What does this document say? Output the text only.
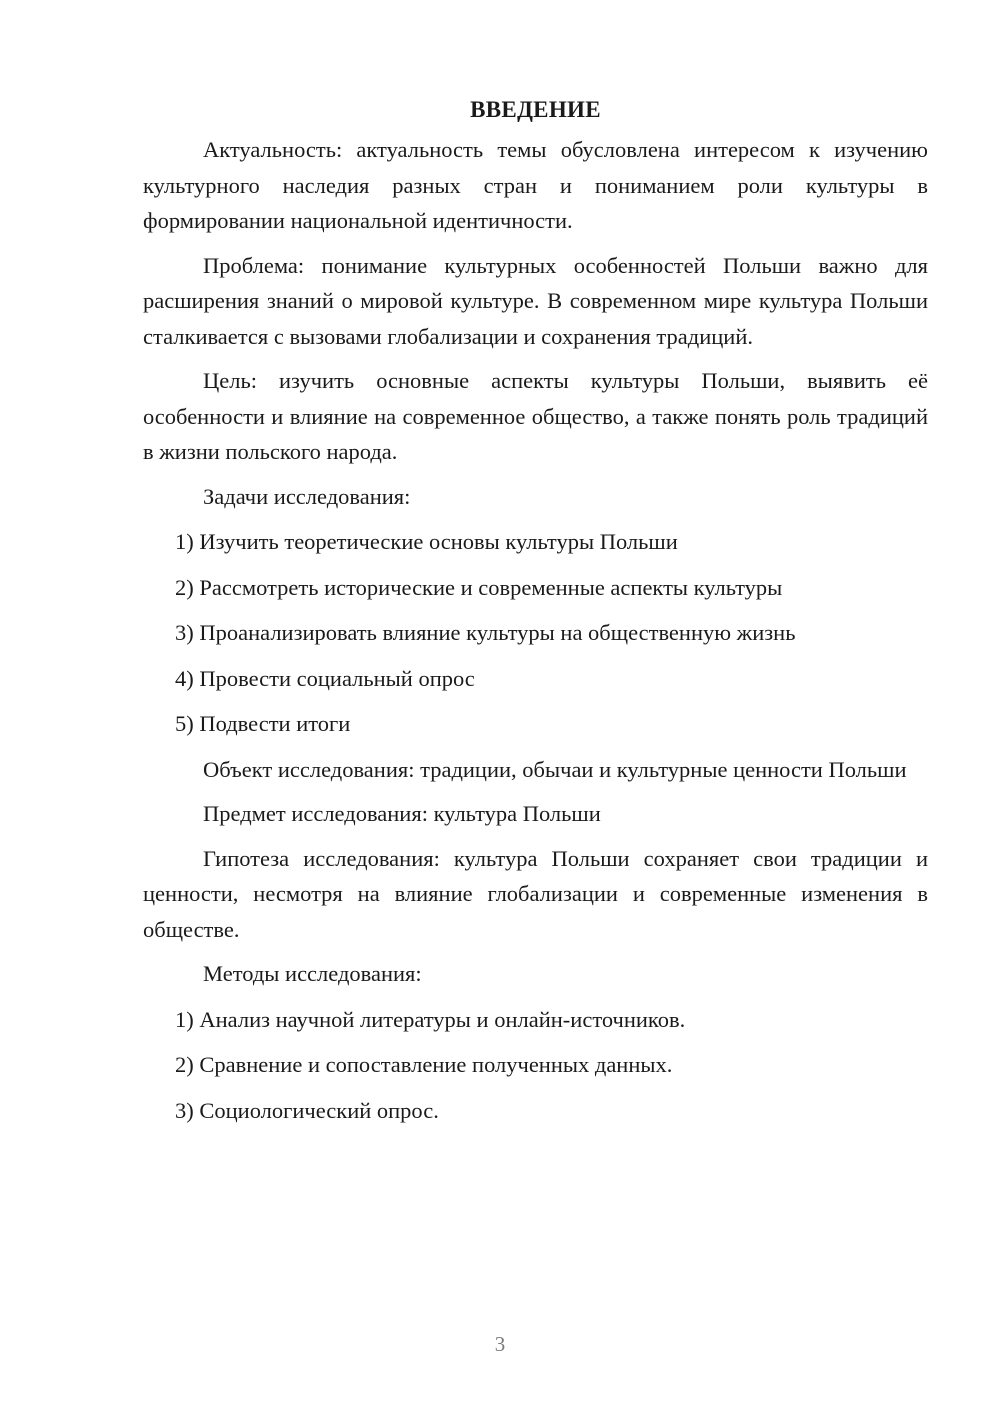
ВВЕДЕНИЕ

Актуальность: актуальность темы обусловлена интересом к изучению культурного наследия разных стран и пониманием роли культуры в формировании национальной идентичности.

Проблема: понимание культурных особенностей Польши важно для расширения знаний о мировой культуре. В современном мире культура Польши сталкивается с вызовами глобализации и сохранения традиций.

Цель: изучить основные аспекты культуры Польши, выявить её особенности и влияние на современное общество, а также понять роль традиций в жизни польского народа.

Задачи исследования:
1) Изучить теоретические основы культуры Польши
2) Рассмотреть исторические и современные аспекты культуры
3) Проанализировать влияние культуры на общественную жизнь
4) Провести социальный опрос
5) Подвести итоги

Объект исследования: традиции, обычаи и культурные ценности Польши

Предмет исследования: культура Польши

Гипотеза исследования: культура Польши сохраняет свои традиции и ценности, несмотря на влияние глобализации и современные изменения в обществе.

Методы исследования:
1) Анализ научной литературы и онлайн-источников.
2) Сравнение и сопоставление полученных данных.
3) Социологический опрос.
3
